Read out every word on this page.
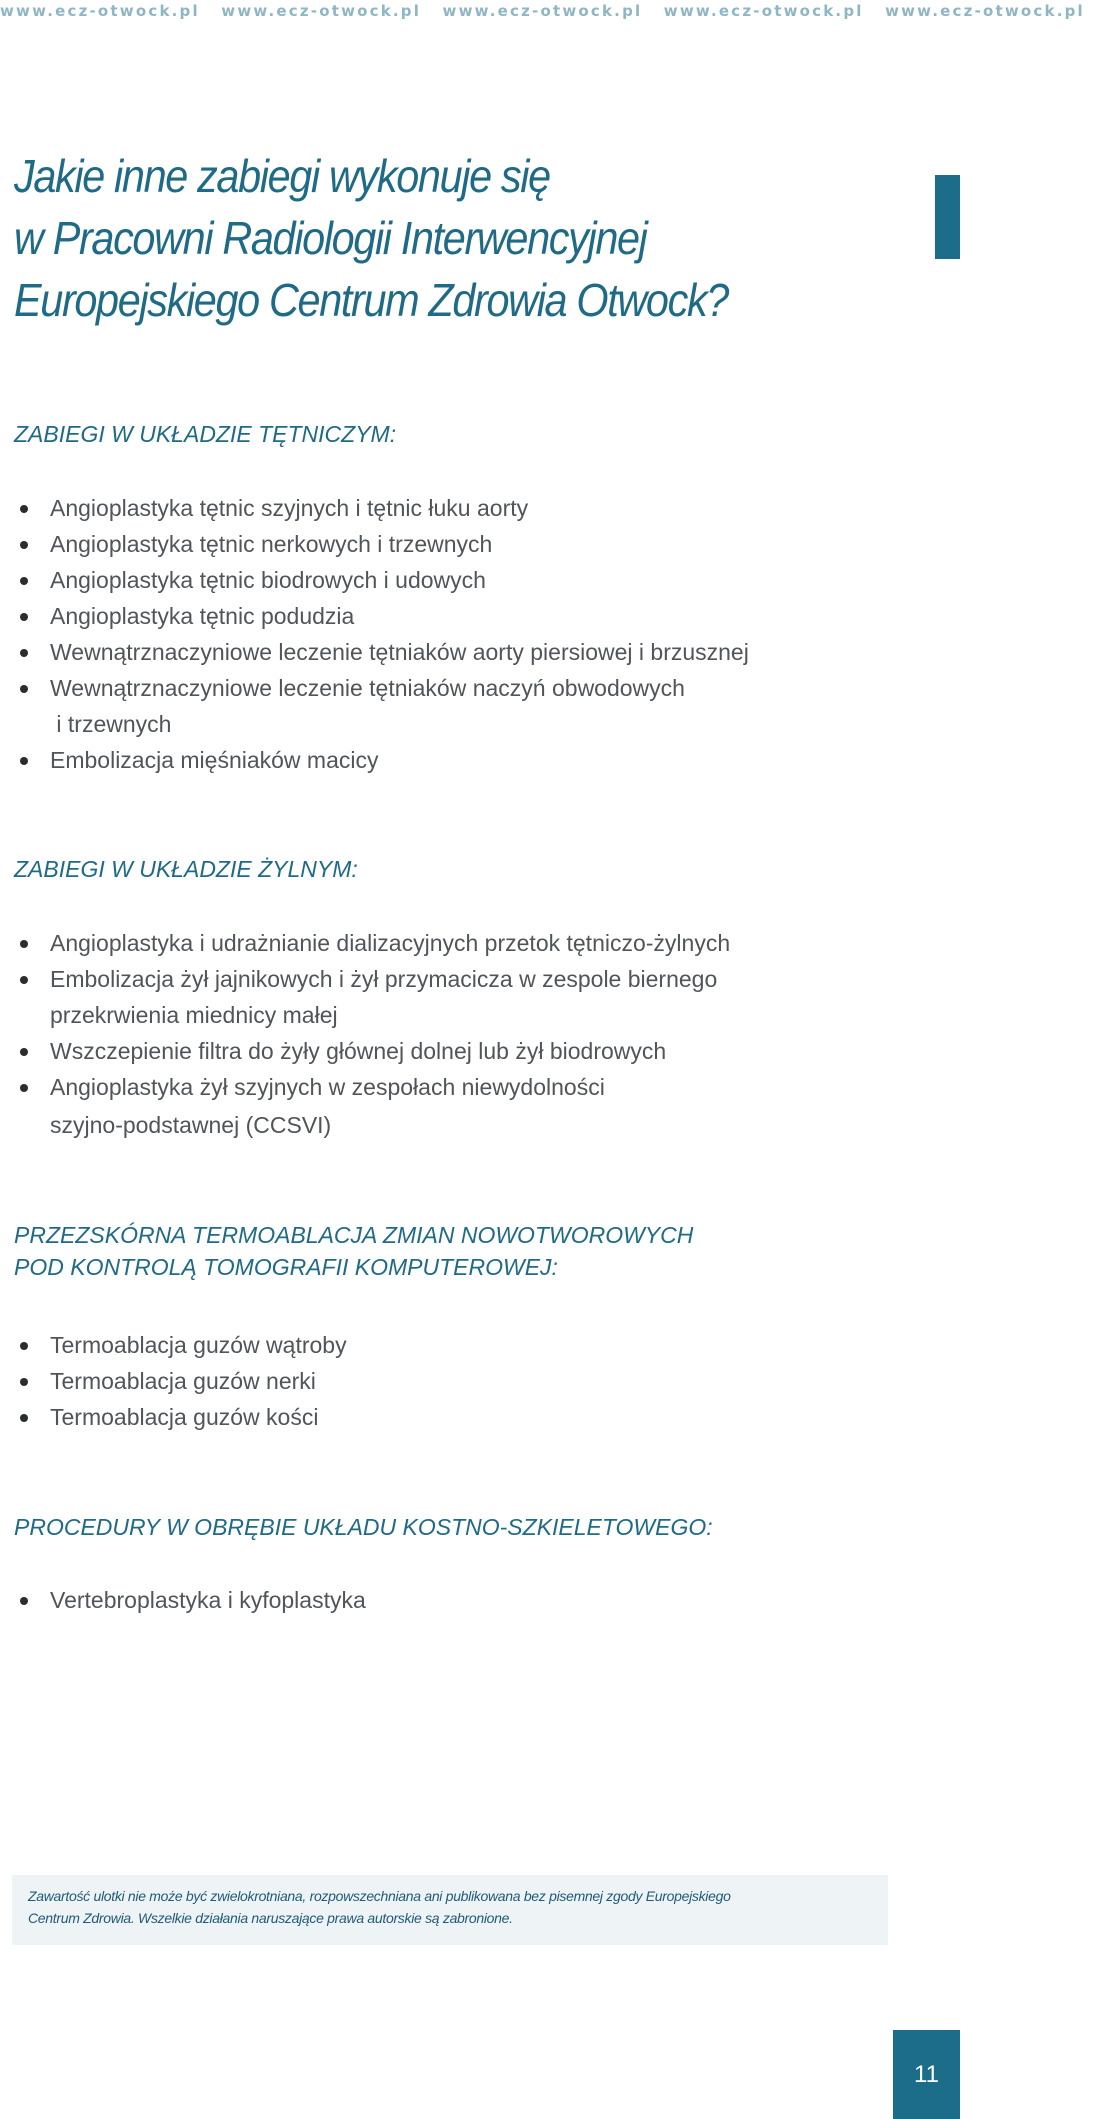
www.ecz-otwock.pl www.ecz-otwock.pl www.ecz-otwock.pl www.ecz-otwock.pl www.ecz-otwock.pl
Jakie inne zabiegi wykonuje się
w Pracowni Radiologii Interwencyjnej
Europejskiego Centrum Zdrowia Otwock?
ZABIEGI W UKŁADZIE TĘTNICZYM:
Angioplastyka tętnic szyjnych i tętnic łuku aorty
Angioplastyka tętnic nerkowych i trzewnych
Angioplastyka tętnic biodrowych i udowych
Angioplastyka tętnic podudzia
Wewnątrznaczyniowe leczenie tętniaków aorty piersiowej i brzusznej
Wewnątrznaczyniowe leczenie tętniaków naczyń obwodowych
i trzewnych
Embolizacja mięśniaków macicy
ZABIEGI W UKŁADZIE ŻYLNYM:
Angioplastyka i udrażnianie dializacyjnych przetok tętniczo-żylnych
Embolizacja żył jajnikowych i żył przymacicza w zespole biernego
przekrwienia miednicy małej
Wszczepienie filtra do żyły głównej dolnej lub żył biodrowych
Angioplastyka żył szyjnych w zespołach niewydolności
szyjno-podstawnej (CCSVI)
PRZEZSKÓRNA TERMOABLACJA ZMIAN NOWOTWOROWYCH
POD KONTROLĄ TOMOGRAFII KOMPUTEROWEJ:
Termoablacja guzów wątroby
Termoablacja guzów nerki
Termoablacja guzów kości
PROCEDURY W OBRĘBIE UKŁADU KOSTNO-SZKIELETOWEGO:
Vertebroplastyka i kyfoplastyka

Zawartość ulotki nie może być zwielokrotniana, rozpowszechniana ani publikowana bez pisemnej zgody Europejskiego
Centrum Zdrowia. Wszelkie działania naruszające prawa autorskie są zabronione.

11
